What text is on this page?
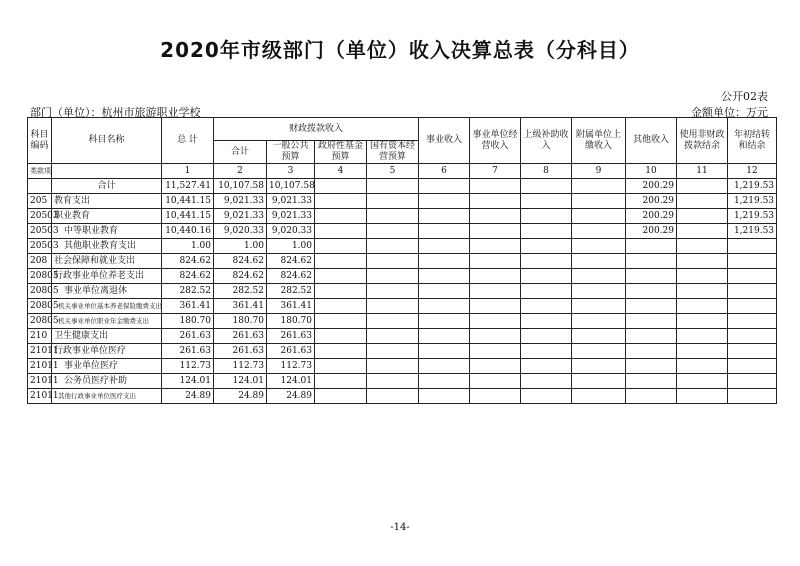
2020年市级部门（单位）收入决算总表（分科目）
公开02表
部门（单位）：杭州市旅游职业学校	金额单位：万元
科目编码	科目名称	总 计	财政拨款收入				事业收入	事业单位经营收入	上级补助收入	附属单位上缴收入	其他收入	使用非财政拨款结余	年初结转和结余
			合计	一般公共预算	政府性基金预算	国有资本经营预算							
类款项		1	2	3	4	5	6	7	8	9	10	11	12
	合计	11,527.41	10,107.58	10,107.58							200.29		1,219.53
205	教育支出	10,441.15	9,021.33	9,021.33							200.29		1,219.53
20503	职业教育	10,441.15	9,021.33	9,021.33							200.29		1,219.53
20503	中等职业教育	10,440.16	9,020.33	9,020.33							200.29		1,219.53
20503	其他职业教育支出	1.00	1.00	1.00									
208	社会保障和就业支出	824.62	824.62	824.62									
20805	行政事业单位养老支出	824.62	824.62	824.62									
20805	事业单位离退休	282.52	282.52	282.52									
20805	机关事业单位基本养老保险缴费支出	361.41	361.41	361.41									
20805	机关事业单位职业年金缴费支出	180.70	180.70	180.70									
210	卫生健康支出	261.63	261.63	261.63									
21011	行政事业单位医疗	261.63	261.63	261.63									
21011	事业单位医疗	112.73	112.73	112.73									
21011	公务员医疗补助	124.01	124.01	124.01									
21011	其他行政事业单位医疗支出	24.89	24.89	24.89									
-14-
